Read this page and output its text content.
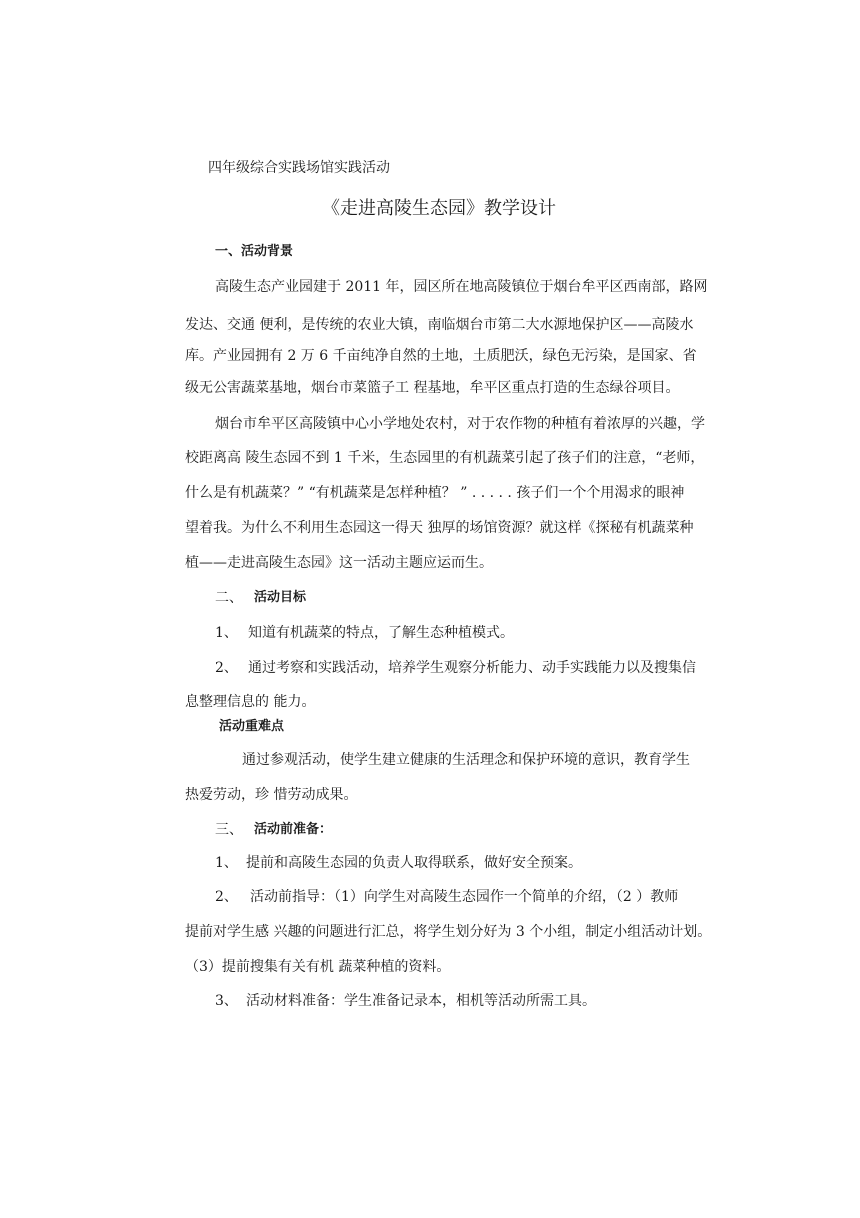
四年级综合实践场馆实践活动
《走进高陵生态园》教学设计
一、活动背景
高陵生态产业园建于 2011 年，园区所在地高陵镇位于烟台牟平区西南部，路网
发达、交通 便利，是传统的农业大镇，南临烟台市第二大水源地保护区——高陵水
库。产业园拥有 2 万 6 千亩纯净自然的土地，土质肥沃，绿色无污染，是国家、省
级无公害蔬菜基地，烟台市菜篮子工 程基地，牟平区重点打造的生态绿谷项目。
烟台市牟平区高陵镇中心小学地处农村，对于农作物的种植有着浓厚的兴趣，学
校距离高 陵生态园不到 1 千米，生态园里的有机蔬菜引起了孩子们的注意，“老师，
什么是有机蔬菜？” “有机蔬菜是怎样种植？ ” . . . . . 孩子们一个个用渴求的眼神
望着我。为什么不利用生态园这一得天 独厚的场馆资源？就这样《探秘有机蔬菜种
植——走进高陵生态园》这一活动主题应运而生。
二、 活动目标
1、 知道有机蔬菜的特点，了解生态种植模式。
2、 通过考察和实践活动，培养学生观察分析能力、动手实践能力以及搜集信
息整理信息的 能力。
活动重难点
通过参观活动，使学生建立健康的生活理念和保护环境的意识，教育学生
热爱劳动，珍 惜劳动成果。
三、 活动前准备：
1、 提前和高陵生态园的负责人取得联系，做好安全预案。
2、 活动前指导：（1）向学生对高陵生态园作一个简单的介绍，（2 ）教师
提前对学生感 兴趣的问题进行汇总，将学生划分好为 3 个小组，制定小组活动计划。
（3）提前搜集有关有机 蔬菜种植的资料。
3、 活动材料准备：学生准备记录本，相机等活动所需工具。
